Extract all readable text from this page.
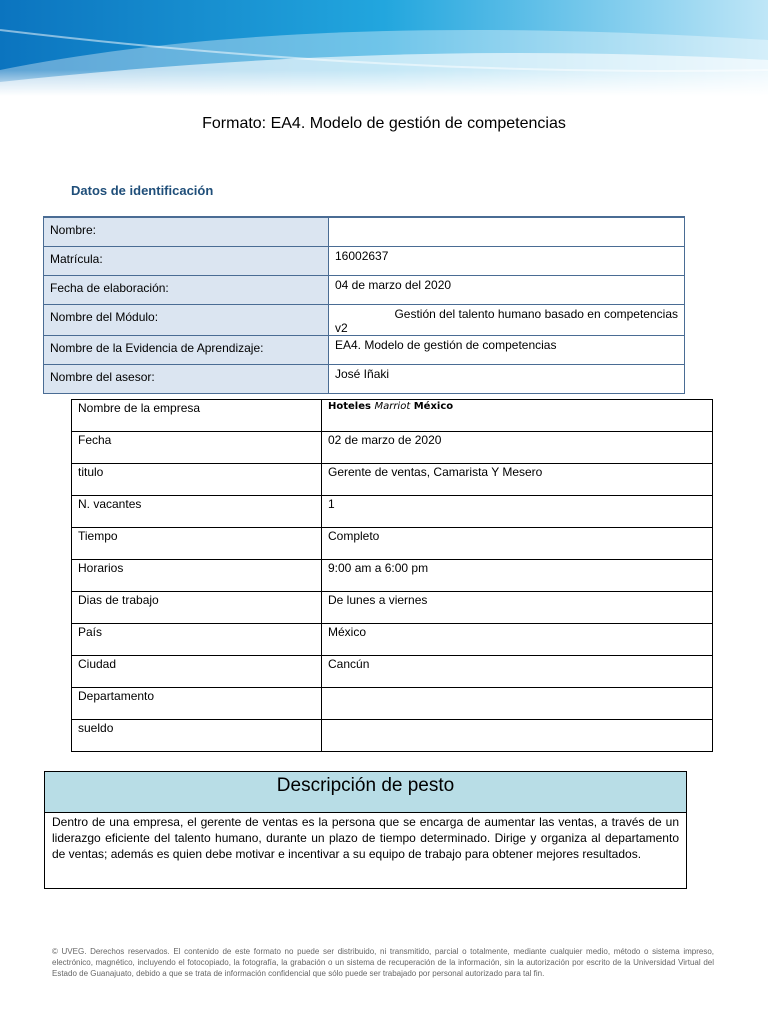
Formato: EA4. Modelo de gestión de competencias
Datos de identificación
Nombre:	
Matrícula:	16002637
Fecha de elaboración:	04 de marzo del 2020
Nombre del Módulo:	Gestión del talento humano basado en competencias
v2
Nombre de la Evidencia de Aprendizaje:	EA4. Modelo de gestión de competencias
Nombre del asesor:	José Iñaki
Nombre de la empresa	Hoteles Marriot México
Fecha	02 de marzo de 2020
titulo	Gerente de ventas, Camarista Y Mesero
N. vacantes	1
Tiempo	Completo
Horarios	9:00 am a 6:00 pm
Dias de trabajo	De lunes a viernes
País	México
Ciudad	Cancún
Departamento	
sueldo	
Descripción de pesto
Dentro de una empresa, el gerente de ventas es la persona que se encarga de aumentar las ventas, a través de un liderazgo eficiente del talento humano, durante un plazo de tiempo determinado. Dirige y organiza al departamento de ventas; además es quien debe motivar e incentivar a su equipo de trabajo para obtener mejores resultados.
© UVEG. Derechos reservados. El contenido de este formato no puede ser distribuido, ni transmitido, parcial o totalmente, mediante cualquier medio, método o sistema impreso, electrónico, magnético, incluyendo el fotocopiado, la fotografía, la grabación o un sistema de recuperación de la información, sin la autorización por escrito de la Universidad Virtual del Estado de Guanajuato, debido a que se trata de información confidencial que sólo puede ser trabajado por personal autorizado para tal fin.
